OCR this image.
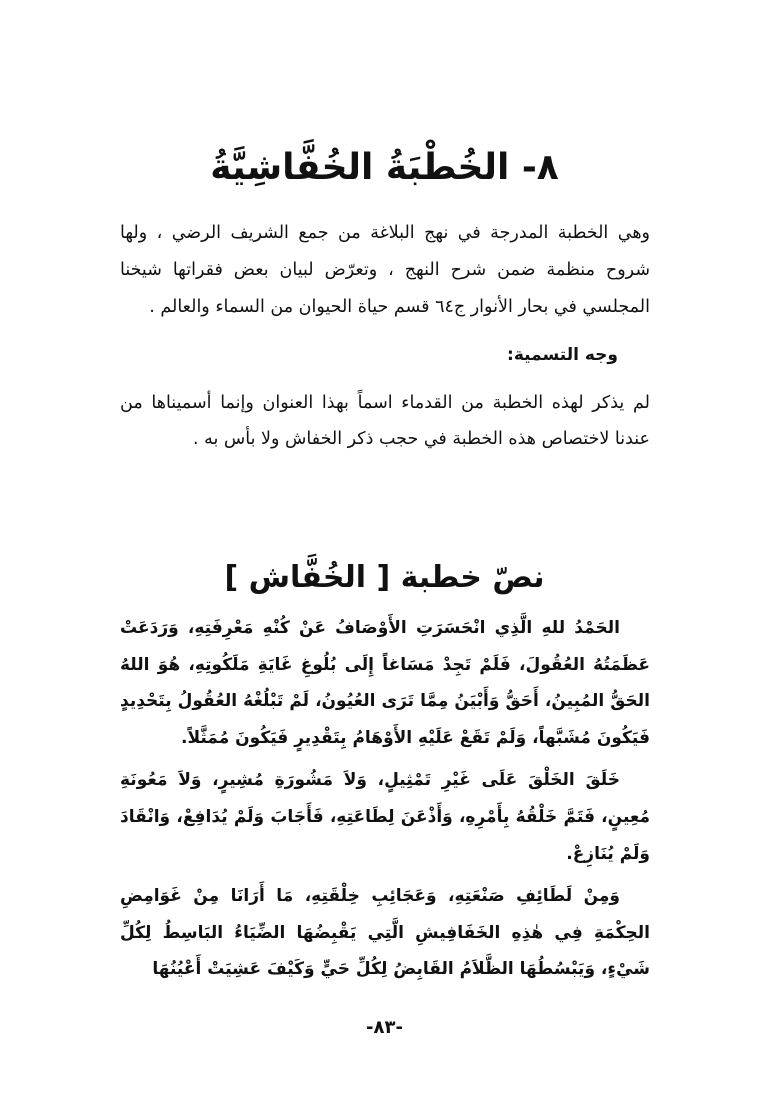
٨- الخُطْبَةُ الخُفَّاشِيَّةُ

وهي الخطبة المدرجة في نهج البلاغة من جمع الشريف الرضي ، ولها شروح منظمة ضمن شرح النهج ، وتعرّض لبيان بعض فقراتها شيخنا المجلسي في بحار الأنوار ج٦٤ قسم حياة الحيوان من السماء والعالم .

وجه التسمية:

لم يذكر لهذه الخطبة من القدماء اسماً بهذا العنوان وإنما أسميناها من عندنا لاختصاص هذه الخطبة في حجب ذكر الخفاش ولا بأس به .

نصّ خطبة [ الخُفَّاش ]

الحَمْدُ للهِ الَّذِي انْحَسَرَتِ الأَوْصَافُ عَنْ كُنْهِ مَعْرِفَتِهِ، وَرَدَعَتْ عَظَمَتُهُ العُقُولَ، فَلَمْ تَجِدْ مَسَاغاً إِلَى بُلُوغِ غَايَةِ مَلَكُوتِهِ، هُوَ اللهُ الحَقُّ المُبِينُ، أَحَقُّ وَأَبْيَنُ مِمَّا تَرَى العُيُونُ، لَمْ تَبْلُغْهُ العُقُولُ بِتَحْدِيدٍ فَيَكُونَ مُشَبَّهاً، وَلَمْ تَقَعْ عَلَيْهِ الأَوْهَامُ بِتَقْدِيرٍ فَيَكُونَ مُمَثَّلاً.

خَلَقَ الخَلْقَ عَلَى غَيْرِ تَمْثِيلٍ، وَلاَ مَشُورَةِ مُشِيرٍ، وَلاَ مَعُونَةِ مُعِينٍ، فَتَمَّ خَلْقُهُ بِأَمْرِهِ، وَأَذْعَنَ لِطَاعَتِهِ، فَأَجَابَ وَلَمْ يُدَافِعْ، وَانْقَادَ وَلَمْ يُنَازِعْ.

وَمِنْ لَطَائِفِ صَنْعَتِهِ، وَعَجَائِبِ خِلْقَتِهِ، مَا أَرَانَا مِنْ غَوَامِضِ الحِكْمَةِ فِي هٰذِهِ الخَفَافِيشِ الَّتِي يَقْبِضُهَا الضِّيَاءُ البَاسِطُ لِكُلِّ شَيْءٍ، وَيَبْسُطُهَا الظَّلاَمُ القَابِضُ لِكُلِّ حَيٍّ وَكَيْفَ عَشِيَتْ أَعْيُنُهَا

-٨٣-
